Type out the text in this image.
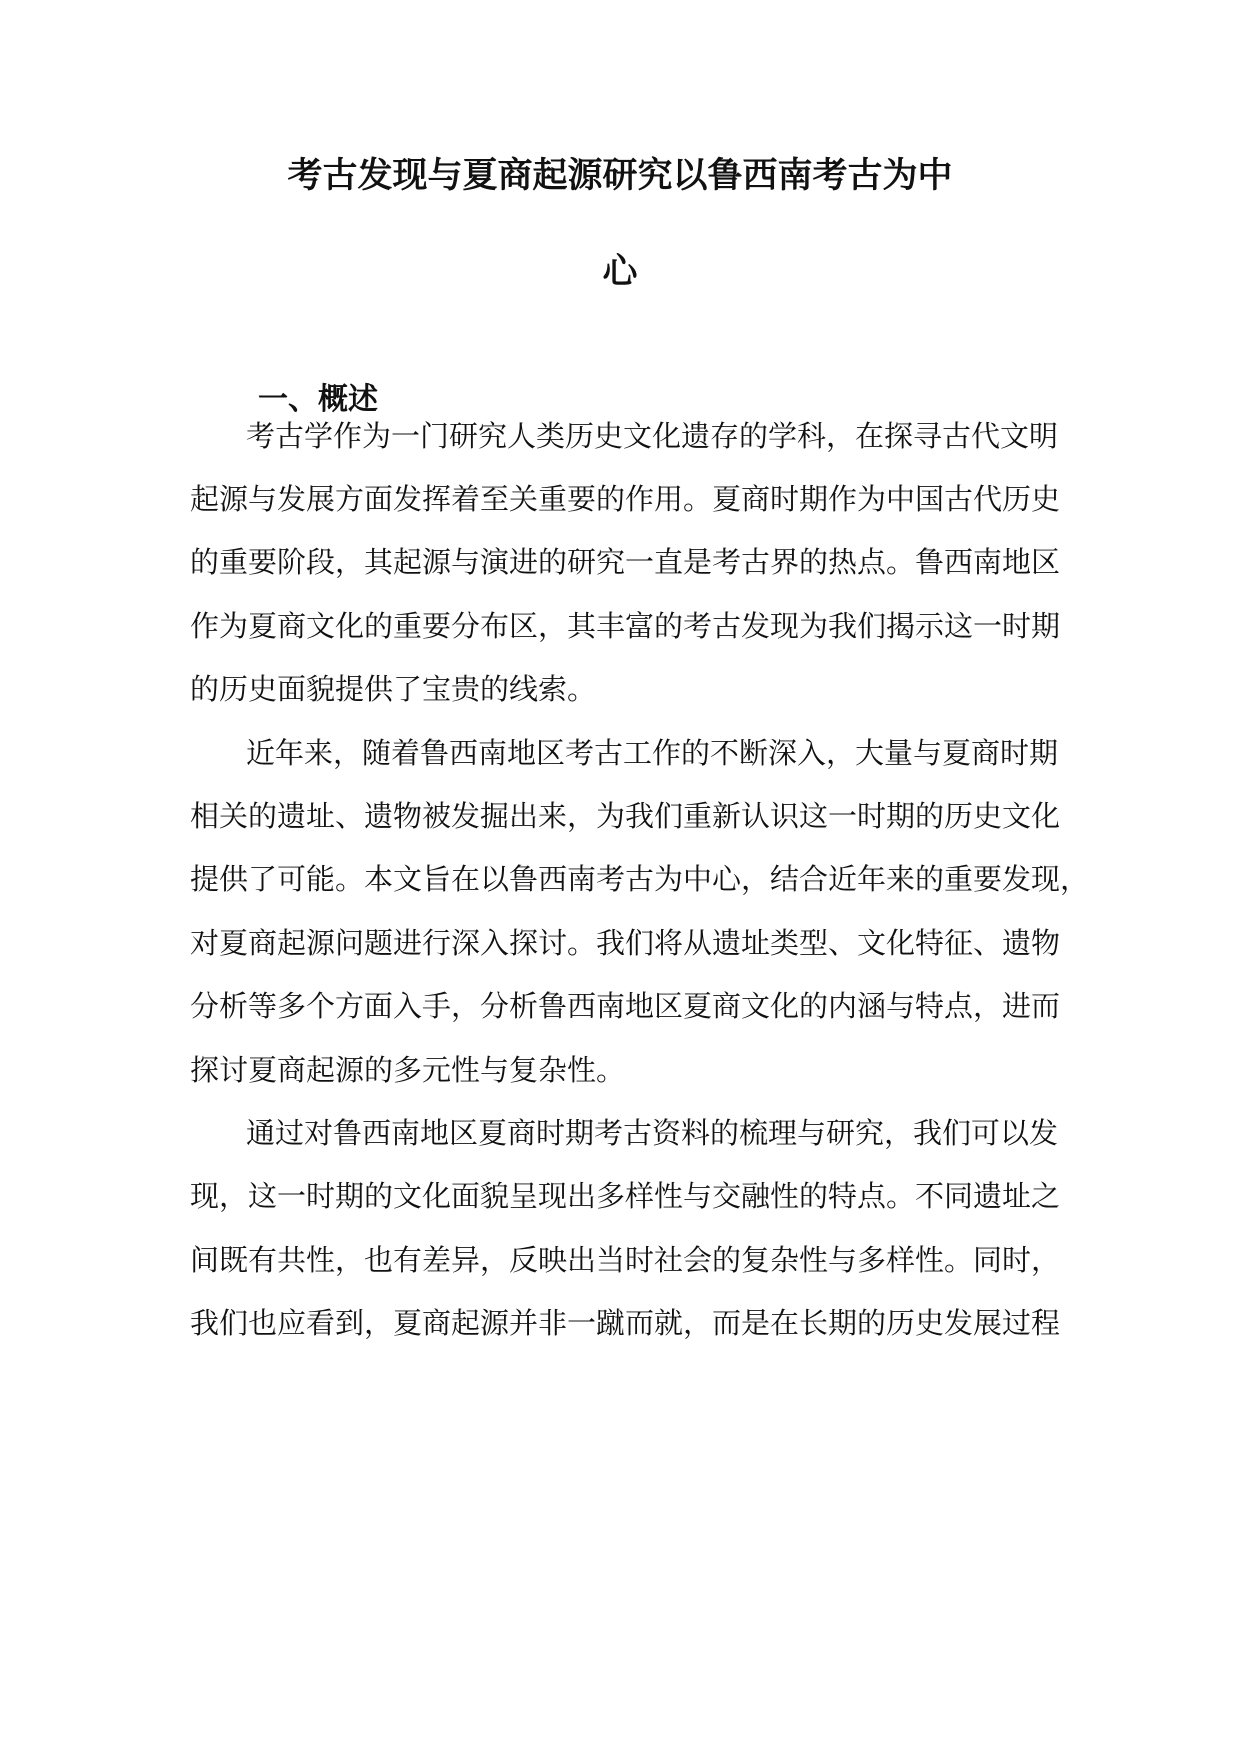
考古发现与夏商起源研究以鲁西南考古为中
心
一、概述

考古学作为一门研究人类历史文化遗存的学科，在探寻古代文明

起源与发展方面发挥着至关重要的作用。夏商时期作为中国古代历史

的重要阶段，其起源与演进的研究一直是考古界的热点。鲁西南地区

作为夏商文化的重要分布区，其丰富的考古发现为我们揭示这一时期

的历史面貌提供了宝贵的线索。

近年来，随着鲁西南地区考古工作的不断深入，大量与夏商时期

相关的遗址、遗物被发掘出来，为我们重新认识这一时期的历史文化

提供了可能。本文旨在以鲁西南考古为中心，结合近年来的重要发现，

对夏商起源问题进行深入探讨。我们将从遗址类型、文化特征、遗物

分析等多个方面入手，分析鲁西南地区夏商文化的内涵与特点，进而

探讨夏商起源的多元性与复杂性。

通过对鲁西南地区夏商时期考古资料的梳理与研究，我们可以发

现，这一时期的文化面貌呈现出多样性与交融性的特点。不同遗址之

间既有共性，也有差异，反映出当时社会的复杂性与多样性。同时，

我们也应看到，夏商起源并非一蹴而就，而是在长期的历史发展过程
